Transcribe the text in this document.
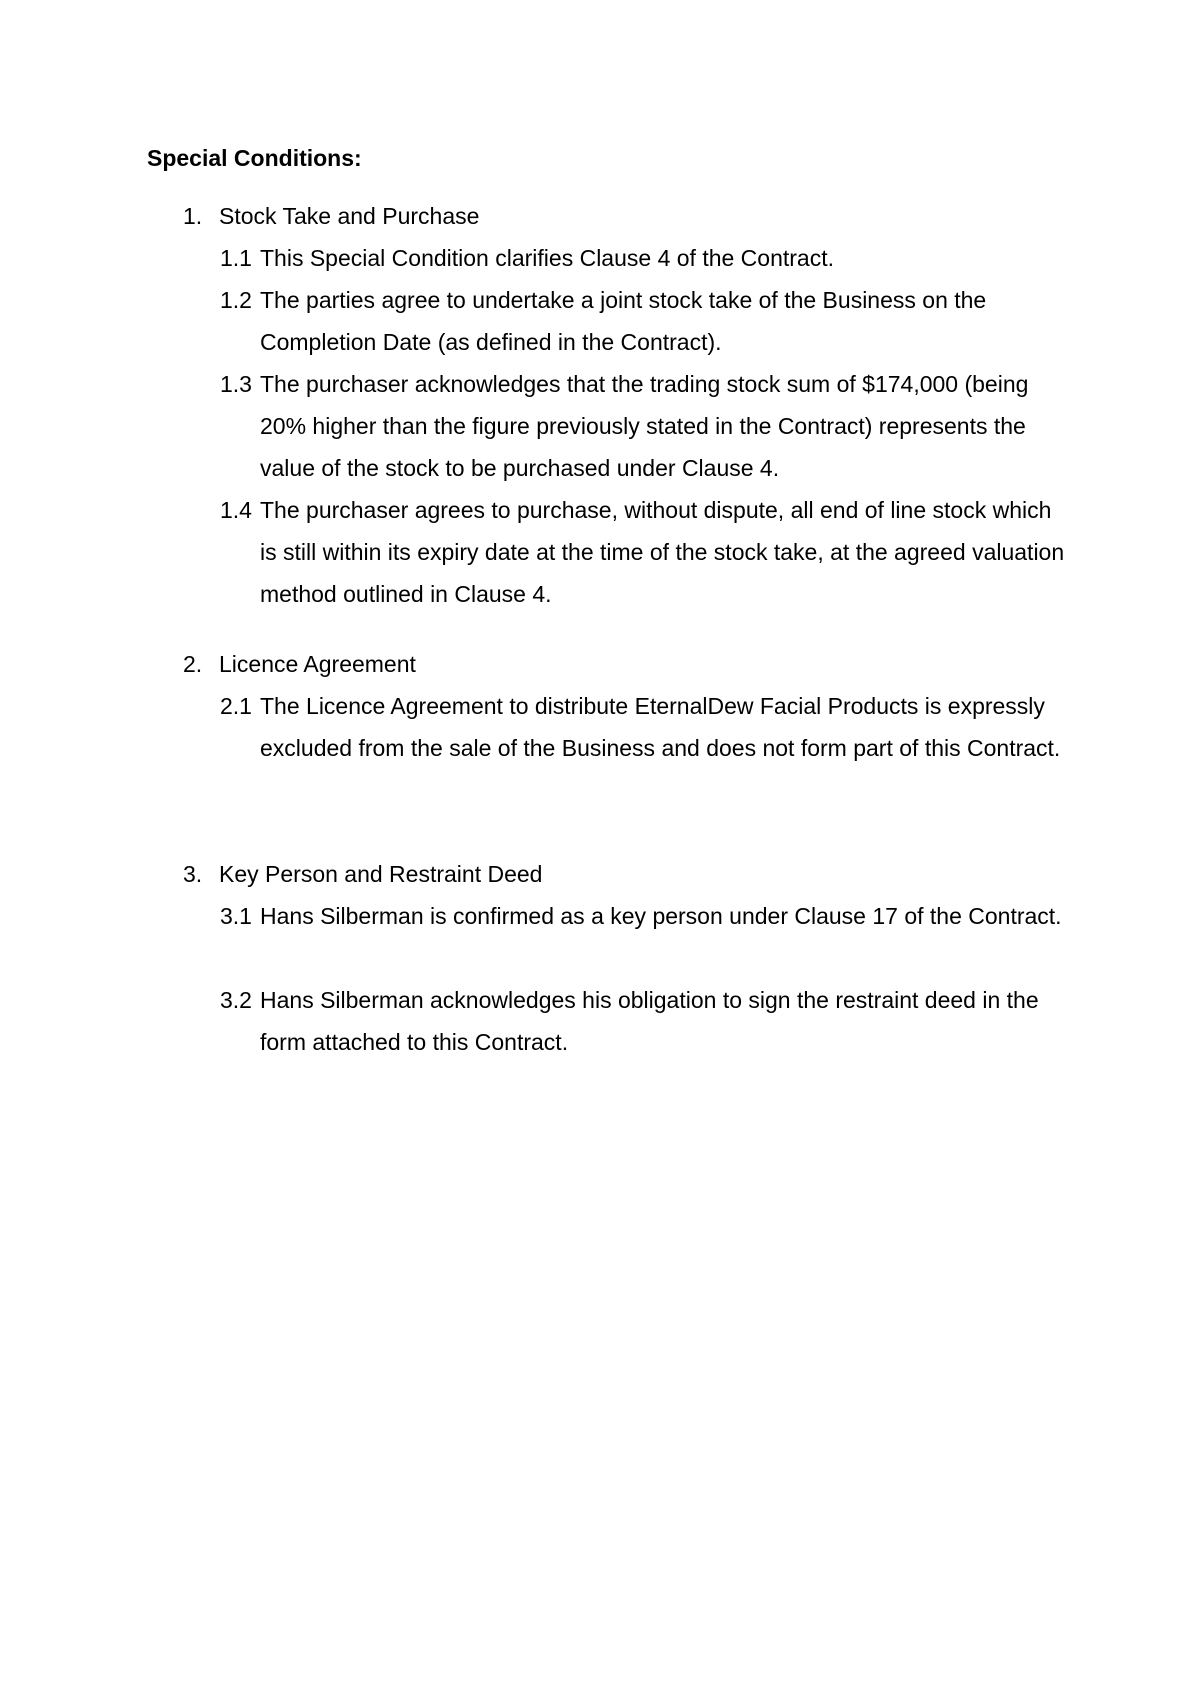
Special Conditions:
1. Stock Take and Purchase
1.1 This Special Condition clarifies Clause 4 of the Contract.
1.2 The parties agree to undertake a joint stock take of the Business on the Completion Date (as defined in the Contract).
1.3 The purchaser acknowledges that the trading stock sum of $174,000 (being 20% higher than the figure previously stated in the Contract) represents the value of the stock to be purchased under Clause 4.
1.4 The purchaser agrees to purchase, without dispute, all end of line stock which is still within its expiry date at the time of the stock take, at the agreed valuation method outlined in Clause 4.
2. Licence Agreement
2.1 The Licence Agreement to distribute EternalDew Facial Products is expressly excluded from the sale of the Business and does not form part of this Contract.
3. Key Person and Restraint Deed
3.1 Hans Silberman is confirmed as a key person under Clause 17 of the Contract.
3.2 Hans Silberman acknowledges his obligation to sign the restraint deed in the form attached to this Contract.
